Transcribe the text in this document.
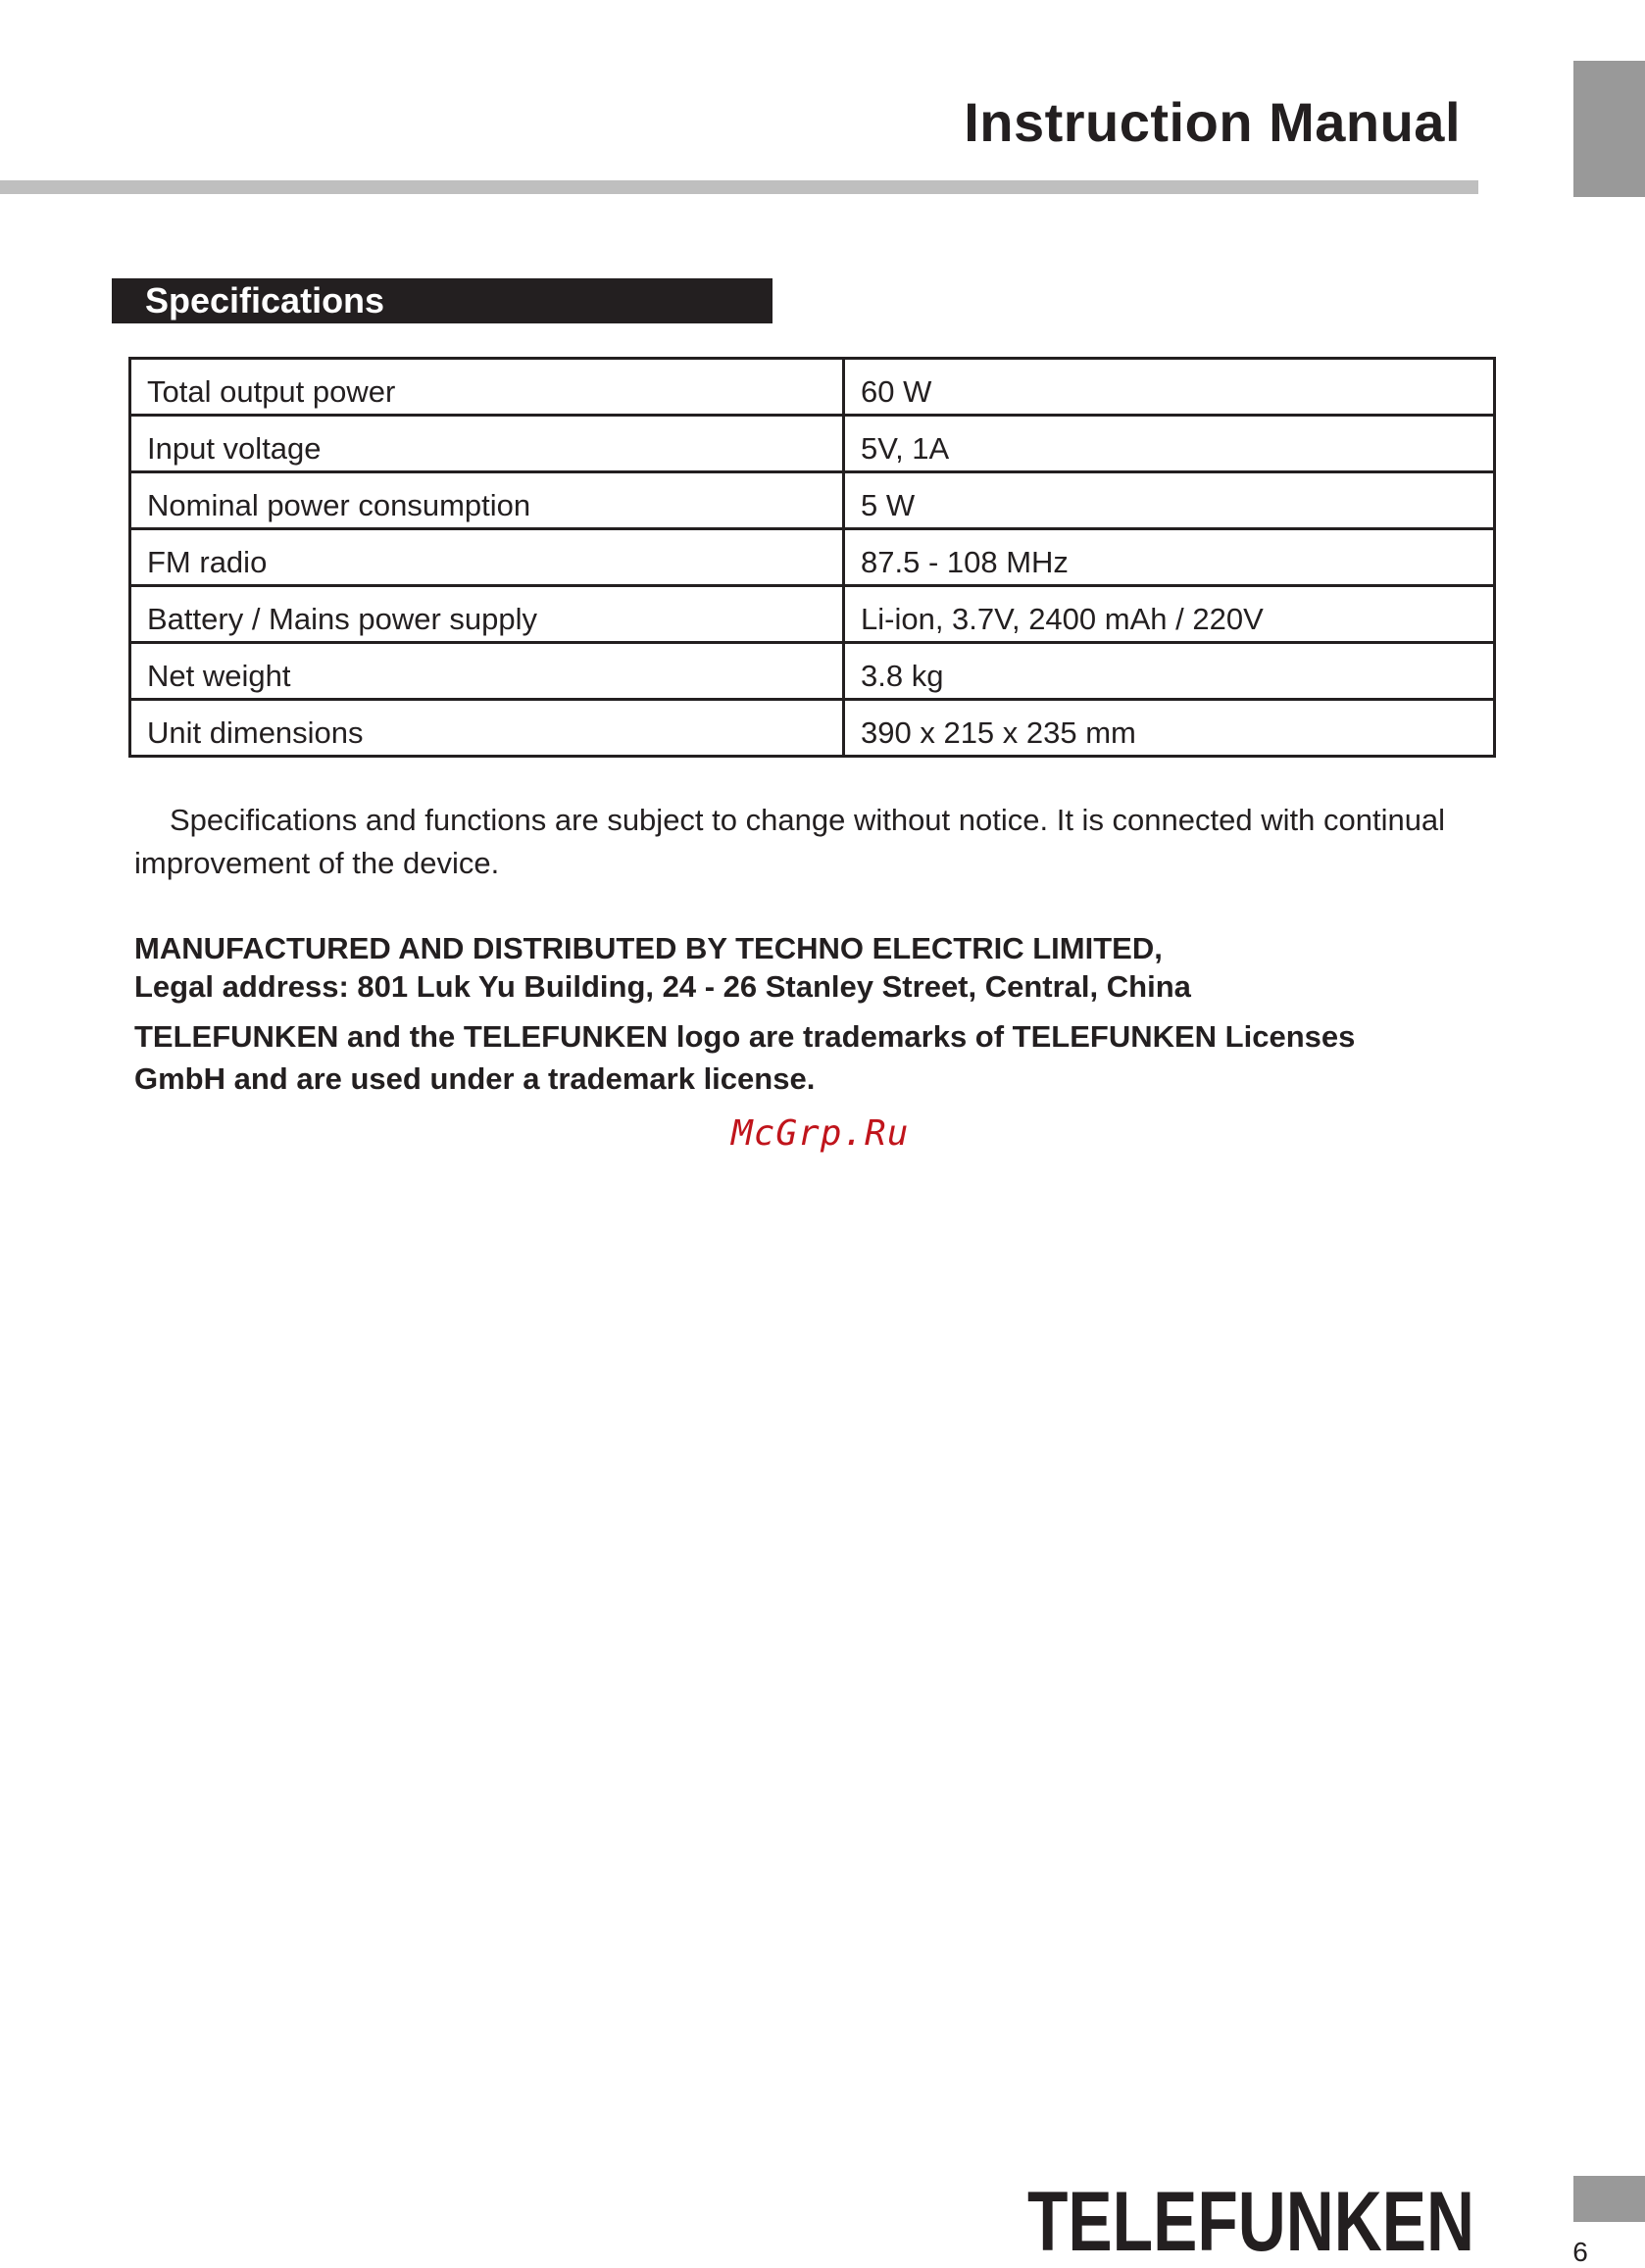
Instruction Manual
Specifications
Total output power	60 W
Input voltage	5V, 1A
Nominal power consumption	5 W
FM radio	87.5 - 108 MHz
Battery / Mains power supply	Li-ion, 3.7V, 2400 mAh / 220V
Net weight	3.8 kg
Unit dimensions	390 x 215 x 235 mm
Specifications and functions are subject to change without notice. It is connected with continual improvement of the device.
MANUFACTURED AND DISTRIBUTED BY TECHNO ELECTRIC LIMITED,
Legal address: 801 Luk Yu Building, 24 - 26 Stanley Street, Central, China
TELEFUNKEN and the TELEFUNKEN logo are trademarks of TELEFUNKEN Licenses
GmbH and are used under a trademark license.
McGrp.Ru
TELEFUNKEN	6
